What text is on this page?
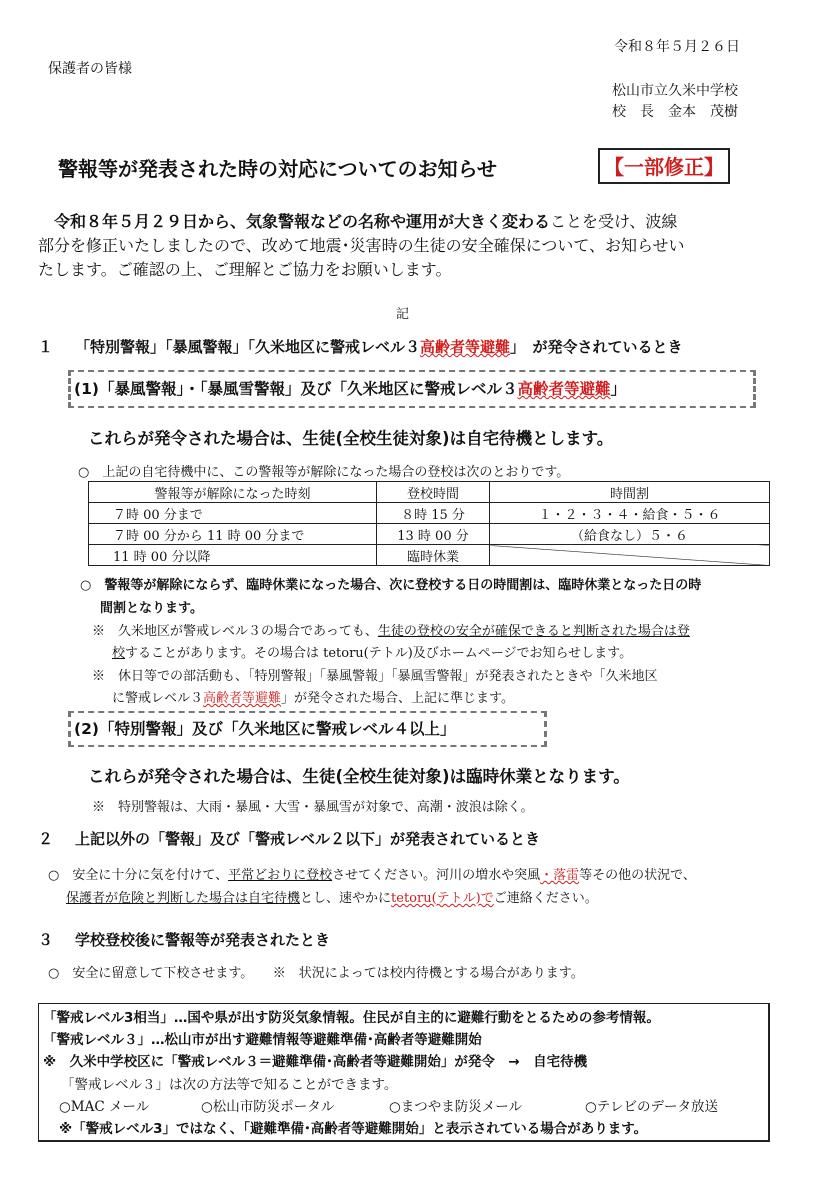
令和８年５月２６日
保護者の皆様
松山市立久米中学校
校　長　金本　茂樹
警報等が発表された時の対応についてのお知らせ	【一部修正】
令和８年５月２９日から、気象警報などの名称や運用が大きく変わることを受け、波線
部分を修正いたしましたので、改めて地震･災害時の生徒の安全確保について、お知らせい
たします。ご確認の上、ご理解とご協力をお願いします。
記
１ 「特別警報」「暴風警報」「久米地区に警戒レベル３高齢者等避難」　が発令されているとき
(1)「暴風警報」・「暴風雪警報」及び「久米地区に警戒レベル３高齢者等避難」
これらが発令された場合は、生徒(全校生徒対象)は自宅待機とします。
○　上記の自宅待機中に、この警報等が解除になった場合の登校は次のとおりです。
警報等が解除になった時刻	登校時間	時間割
７時 00 分まで	８時 15 分	１・２・３・４・給食・５・６
７時 00 分から 11 時 00 分まで	13 時 00 分	（給食なし）５・６
11 時 00 分以降	臨時休業	
○　警報等が解除にならず、臨時休業になった場合、次に登校する日の時間割は、臨時休業となった日の時
間割となります。
※　久米地区が警戒レベル３の場合であっても、生徒の登校の安全が確保できると判断された場合は登
校することがあります。その場合は tetoru(テトル)及びホームページでお知らせします。
※　休日等での部活動も、「特別警報」「暴風警報」「暴風雪警報」が発表されたときや「久米地区
に警戒レベル３高齢者等避難」が発令された場合、上記に準じます。
(2)「特別警報」及び「久米地区に警戒レベル４以上」
これらが発令された場合は、生徒(全校生徒対象)は臨時休業となります。
※　特別警報は、大雨・暴風・大雪・暴風雪が対象で、高潮・波浪は除く。
２ 上記以外の「警報」及び「警戒レベル２以下」が発表されているとき
○　安全に十分に気を付けて、平常どおりに登校させてください。河川の増水や突風・落雷等その他の状況で、
保護者が危険と判断した場合は自宅待機とし、速やかにtetoru(テトル)でご連絡ください。
３ 学校登校後に警報等が発表されたとき
○　安全に留意して下校させます。　　※　状況によっては校内待機とする場合があります。
「警戒レベル3相当」…国や県が出す防災気象情報。住民が自主的に避難行動をとるための参考情報。
「警戒レベル３」…松山市が出す避難情報等避難準備･高齢者等避難開始
※　久米中学校区に「警戒レベル３＝避難準備･高齢者等避難開始」が発令　→　自宅待機
「警戒レベル３」は次の方法等で知ることができます。
○MAC メール	○松山市防災ポータル	○まつやま防災メール	○テレビのデータ放送
※「警戒レベル3」ではなく、「避難準備･高齢者等避難開始」と表示されている場合があります。
